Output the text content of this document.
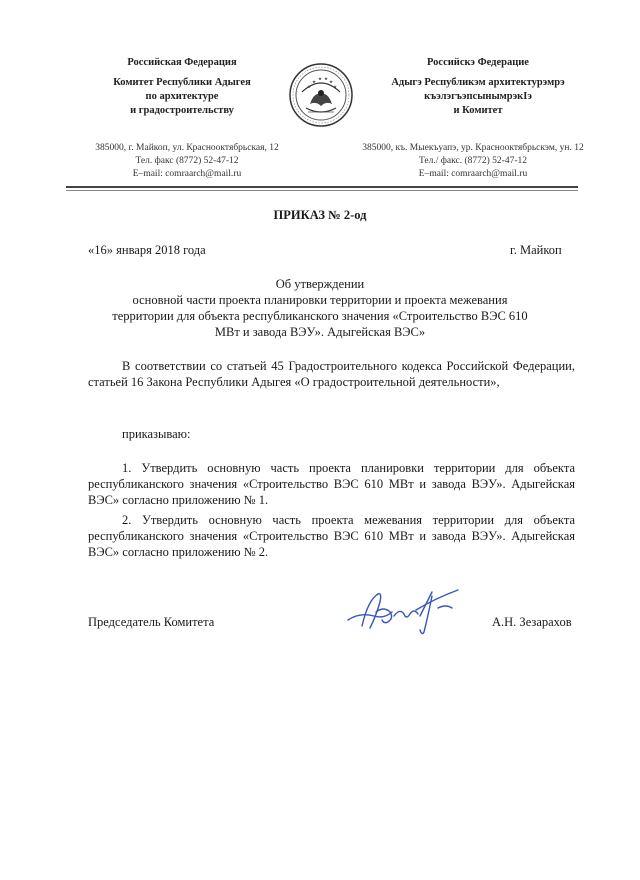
Российская Федерация
Комитет Республики Адыгея
по архитектуре
и градостроительству
385000, г. Майкоп, ул. Красноoктябрьская, 12
Тел. факс (8772) 52-47-12
E–mail: comraarch@mail.ru
Российскэ Федерацие
Адыгэ Республикэм архитектурэмрэ
къэлэгъэпсынымрэкІэ
и Комитет
385000, къ. Мыекъуапэ, ур. Красноoктябрьскэм, ун. 12
Тел./ факс. (8772) 52-47-12
E–mail: comraarch@mail.ru
ПРИКАЗ № 2-од
«16» января 2018 года	г. Майкоп
Об утверждении
основной части проекта планировки территории и проекта межевания
территории для объекта республиканского значения «Строительство ВЭС 610
МВт и завода ВЭУ». Адыгейская ВЭС»
В соответствии со статьей 45 Градостроительного кодекса Российской Федерации, статьей 16 Закона Республики Адыгея «О градостроительной деятельности»,
приказываю:
1. Утвердить основную часть проекта планировки территории для объекта республиканского значения «Строительство ВЭС 610 МВт и завода ВЭУ». Адыгейская ВЭС» согласно приложению № 1.
2. Утвердить основную часть проекта межевания территории для объекта республиканского значения «Строительство ВЭС 610 МВт и завода ВЭУ». Адыгейская ВЭС» согласно приложению № 2.
Председатель Комитета	А.Н. Зезарахов
